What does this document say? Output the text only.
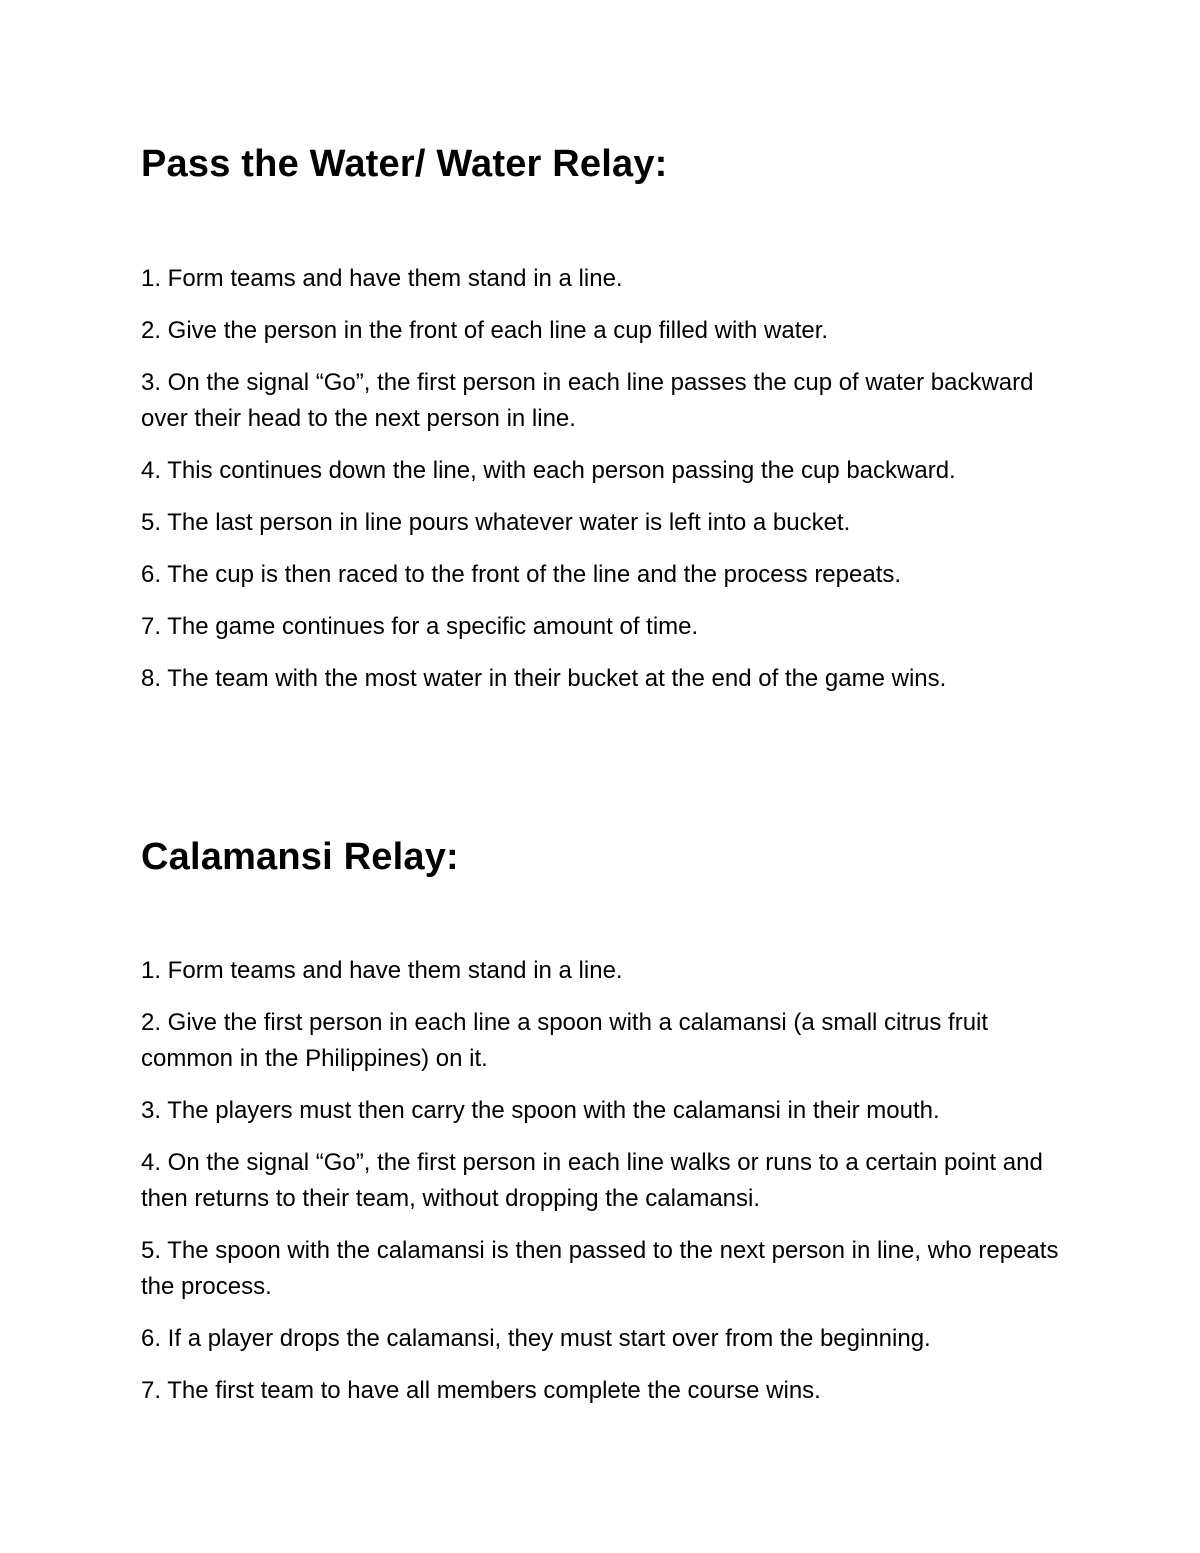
Pass the Water/ Water Relay:
1. Form teams and have them stand in a line.
2. Give the person in the front of each line a cup filled with water.
3. On the signal “Go”, the first person in each line passes the cup of water backward over their head to the next person in line.
4. This continues down the line, with each person passing the cup backward.
5. The last person in line pours whatever water is left into a bucket.
6. The cup is then raced to the front of the line and the process repeats.
7. The game continues for a specific amount of time.
8. The team with the most water in their bucket at the end of the game wins.
Calamansi Relay:
1. Form teams and have them stand in a line.
2. Give the first person in each line a spoon with a calamansi (a small citrus fruit common in the Philippines) on it.
3. The players must then carry the spoon with the calamansi in their mouth.
4. On the signal “Go”, the first person in each line walks or runs to a certain point and then returns to their team, without dropping the calamansi.
5. The spoon with the calamansi is then passed to the next person in line, who repeats the process.
6. If a player drops the calamansi, they must start over from the beginning.
7. The first team to have all members complete the course wins.
